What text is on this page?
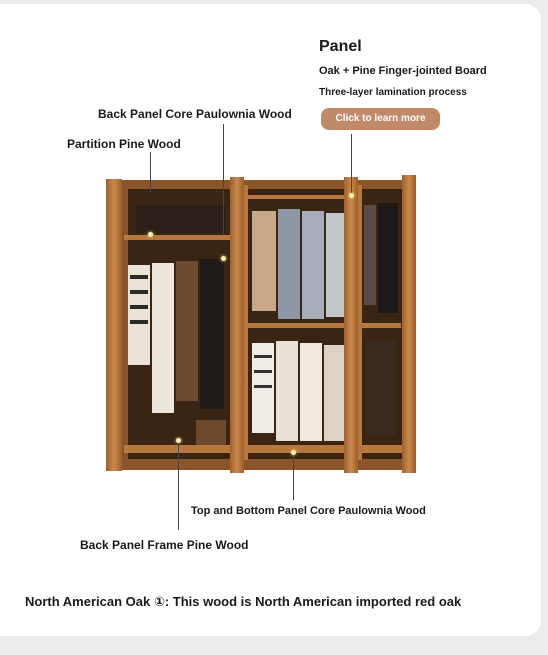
Panel
Oak + Pine Finger-jointed Board
Three-layer lamination process
Click to learn more
Back Panel Core Paulownia Wood
Partition Pine Wood
Top and Bottom Panel Core Paulownia Wood
Back Panel Frame Pine Wood
North American Oak ①: This wood is North American imported red oak
